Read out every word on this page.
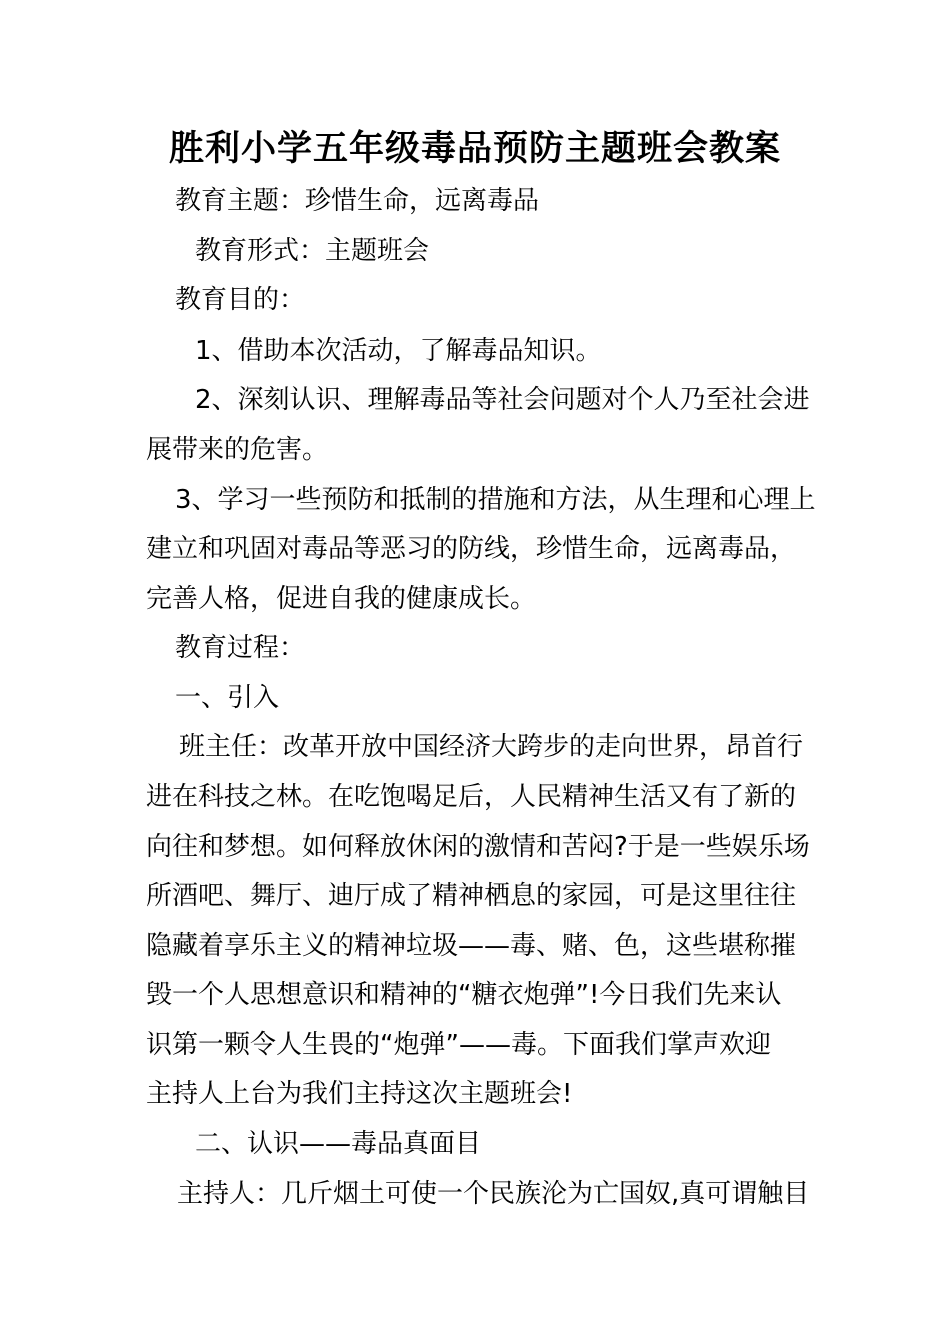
胜利小学五年级毒品预防主题班会教案
教育主题：珍惜生命，远离毒品
教育形式：主题班会
教育目的：
1、借助本次活动，了解毒品知识。
2、深刻认识、理解毒品等社会问题对个人乃至社会进
展带来的危害。
3、学习一些预防和抵制的措施和方法，从生理和心理上
建立和巩固对毒品等恶习的防线，珍惜生命，远离毒品，
完善人格，促进自我的健康成长。
教育过程：
一、引入
班主任：改革开放中国经济大跨步的走向世界，昂首行
进在科技之林。在吃饱喝足后，人民精神生活又有了新的
向往和梦想。如何释放休闲的激情和苦闷?于是一些娱乐场
所酒吧、舞厅、迪厅成了精神栖息的家园，可是这里往往
隐藏着享乐主义的精神垃圾——毒、赌、色，这些堪称摧
毁一个人思想意识和精神的“糖衣炮弹”!今日我们先来认
识第一颗令人生畏的“炮弹”——毒。下面我们掌声欢迎
主持人上台为我们主持这次主题班会!
二、认识——毒品真面目
主持人：几斤烟土可使一个民族沦为亡国奴,真可谓触目
